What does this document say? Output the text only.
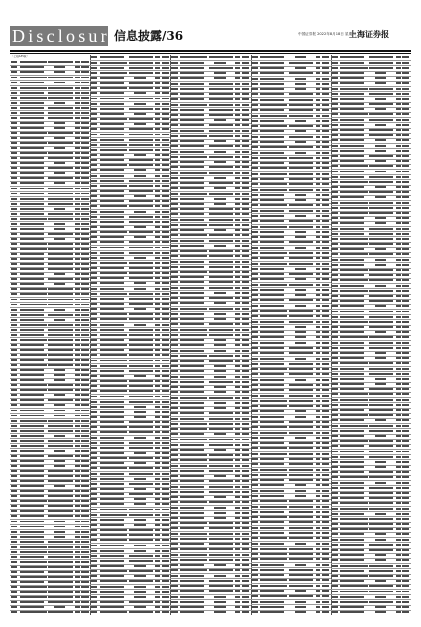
Disclosure
信息披露/36	中国证券报 2022年8月18日 星期四
上海证券报
（上接A35版）
